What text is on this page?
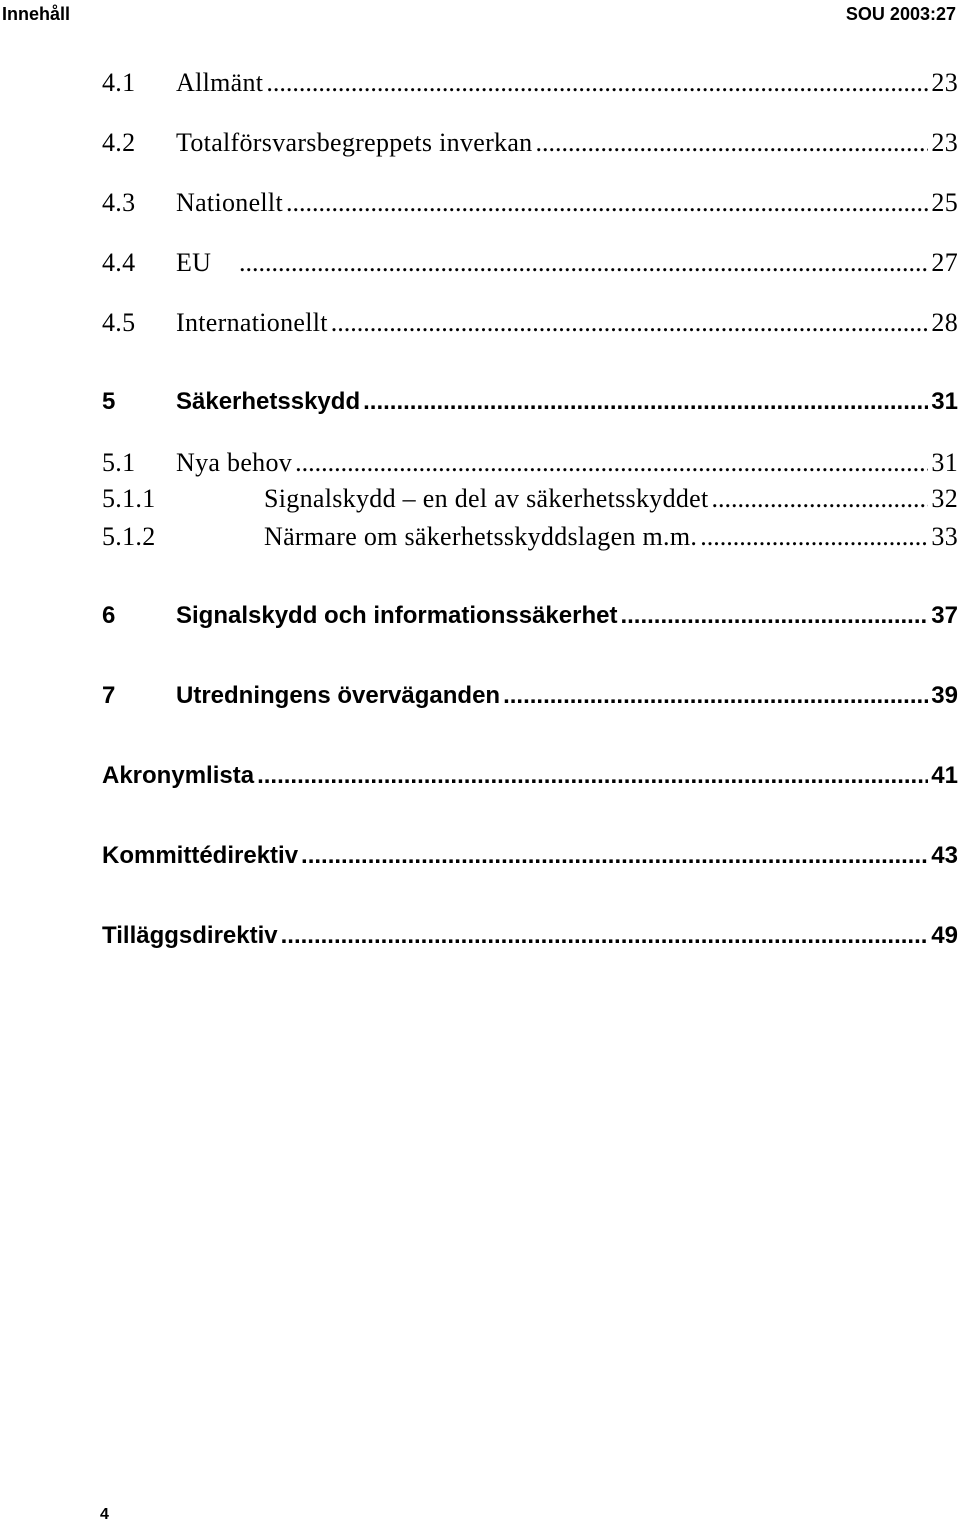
Innehåll	SOU 2003:27
4.1	Allmänt .....	23
4.2	Totalförsvarsbegreppets inverkan .....	23
4.3	Nationellt .....	25
4.4	EU .....	27
4.5	Internationellt .....	28
5	Säkerhetsskydd .....	31
5.1	Nya behov .....	31
5.1.1	Signalskydd – en del av säkerhetsskyddet .....	32
5.1.2	Närmare om säkerhetsskyddslagen m.m. .....	33
6	Signalskydd och informationssäkerhet .....	37
7	Utredningens överväganden .....	39
Akronymlista .....	41
Kommittédirektiv .....	43
Tilläggsdirektiv .....	49
4
